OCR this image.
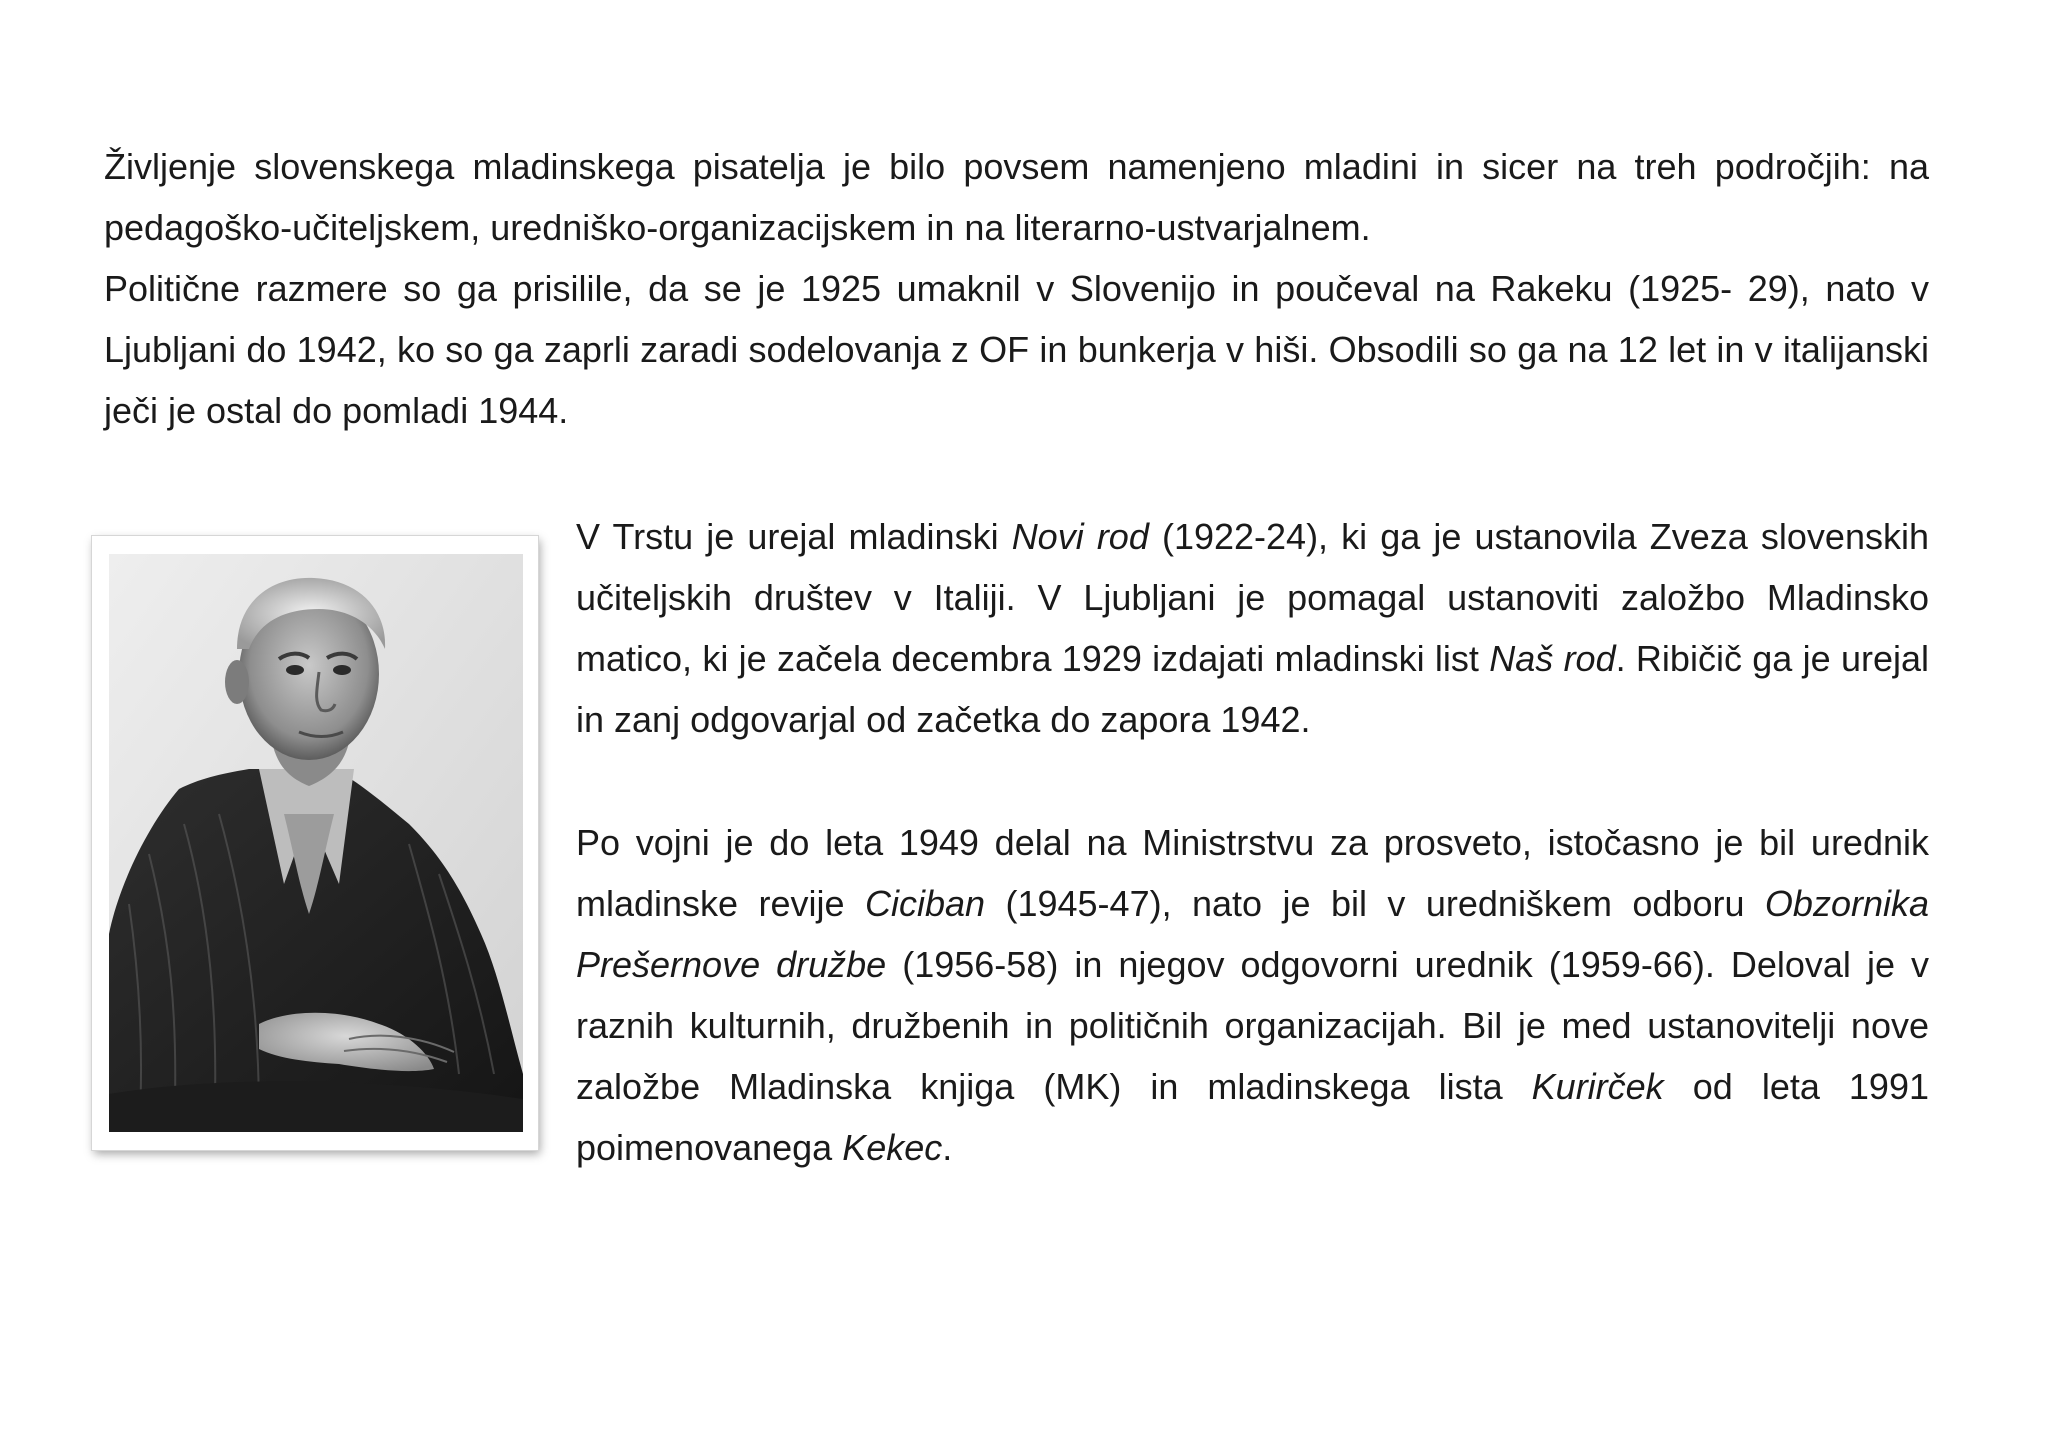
Življenje slovenskega mladinskega pisatelja je bilo povsem namenjeno mladini in sicer na treh področjih: na pedagoško-učiteljskem, uredniško-organizacijskem in na literarno-ustvarjalnem.
Politične razmere so ga prisilile, da se je 1925 umaknil v Slovenijo in poučeval na Rakeku (1925- 29), nato v Ljubljani do 1942, ko so ga zaprli zaradi sodelovanja z OF in bunkerja v hiši. Obsodili so ga na 12 let in v italijanski ječi je ostal do pomladi 1944.

V Trstu je urejal mladinski Novi rod (1922-24), ki ga je ustanovila Zveza slovenskih učiteljskih društev v Italiji. V Ljubljani je pomagal ustanoviti založbo Mladinsko matico, ki je začela decembra 1929 izdajati mladinski list Naš rod. Ribičič ga je urejal in zanj odgovarjal od začetka do zapora 1942.

Po vojni je do leta 1949 delal na Ministrstvu za prosveto, istočasno je bil urednik mladinske revije Ciciban (1945-47), nato je bil v uredniškem odboru Obzornika Prešernove družbe (1956-58) in njegov odgovorni urednik (1959-66). Deloval je v raznih kulturnih, družbenih in političnih organizacijah. Bil je med ustanovitelji nove založbe Mladinska knjiga (MK) in mladinskega lista Kurirček od leta 1991 poimenovanega Kekec.
